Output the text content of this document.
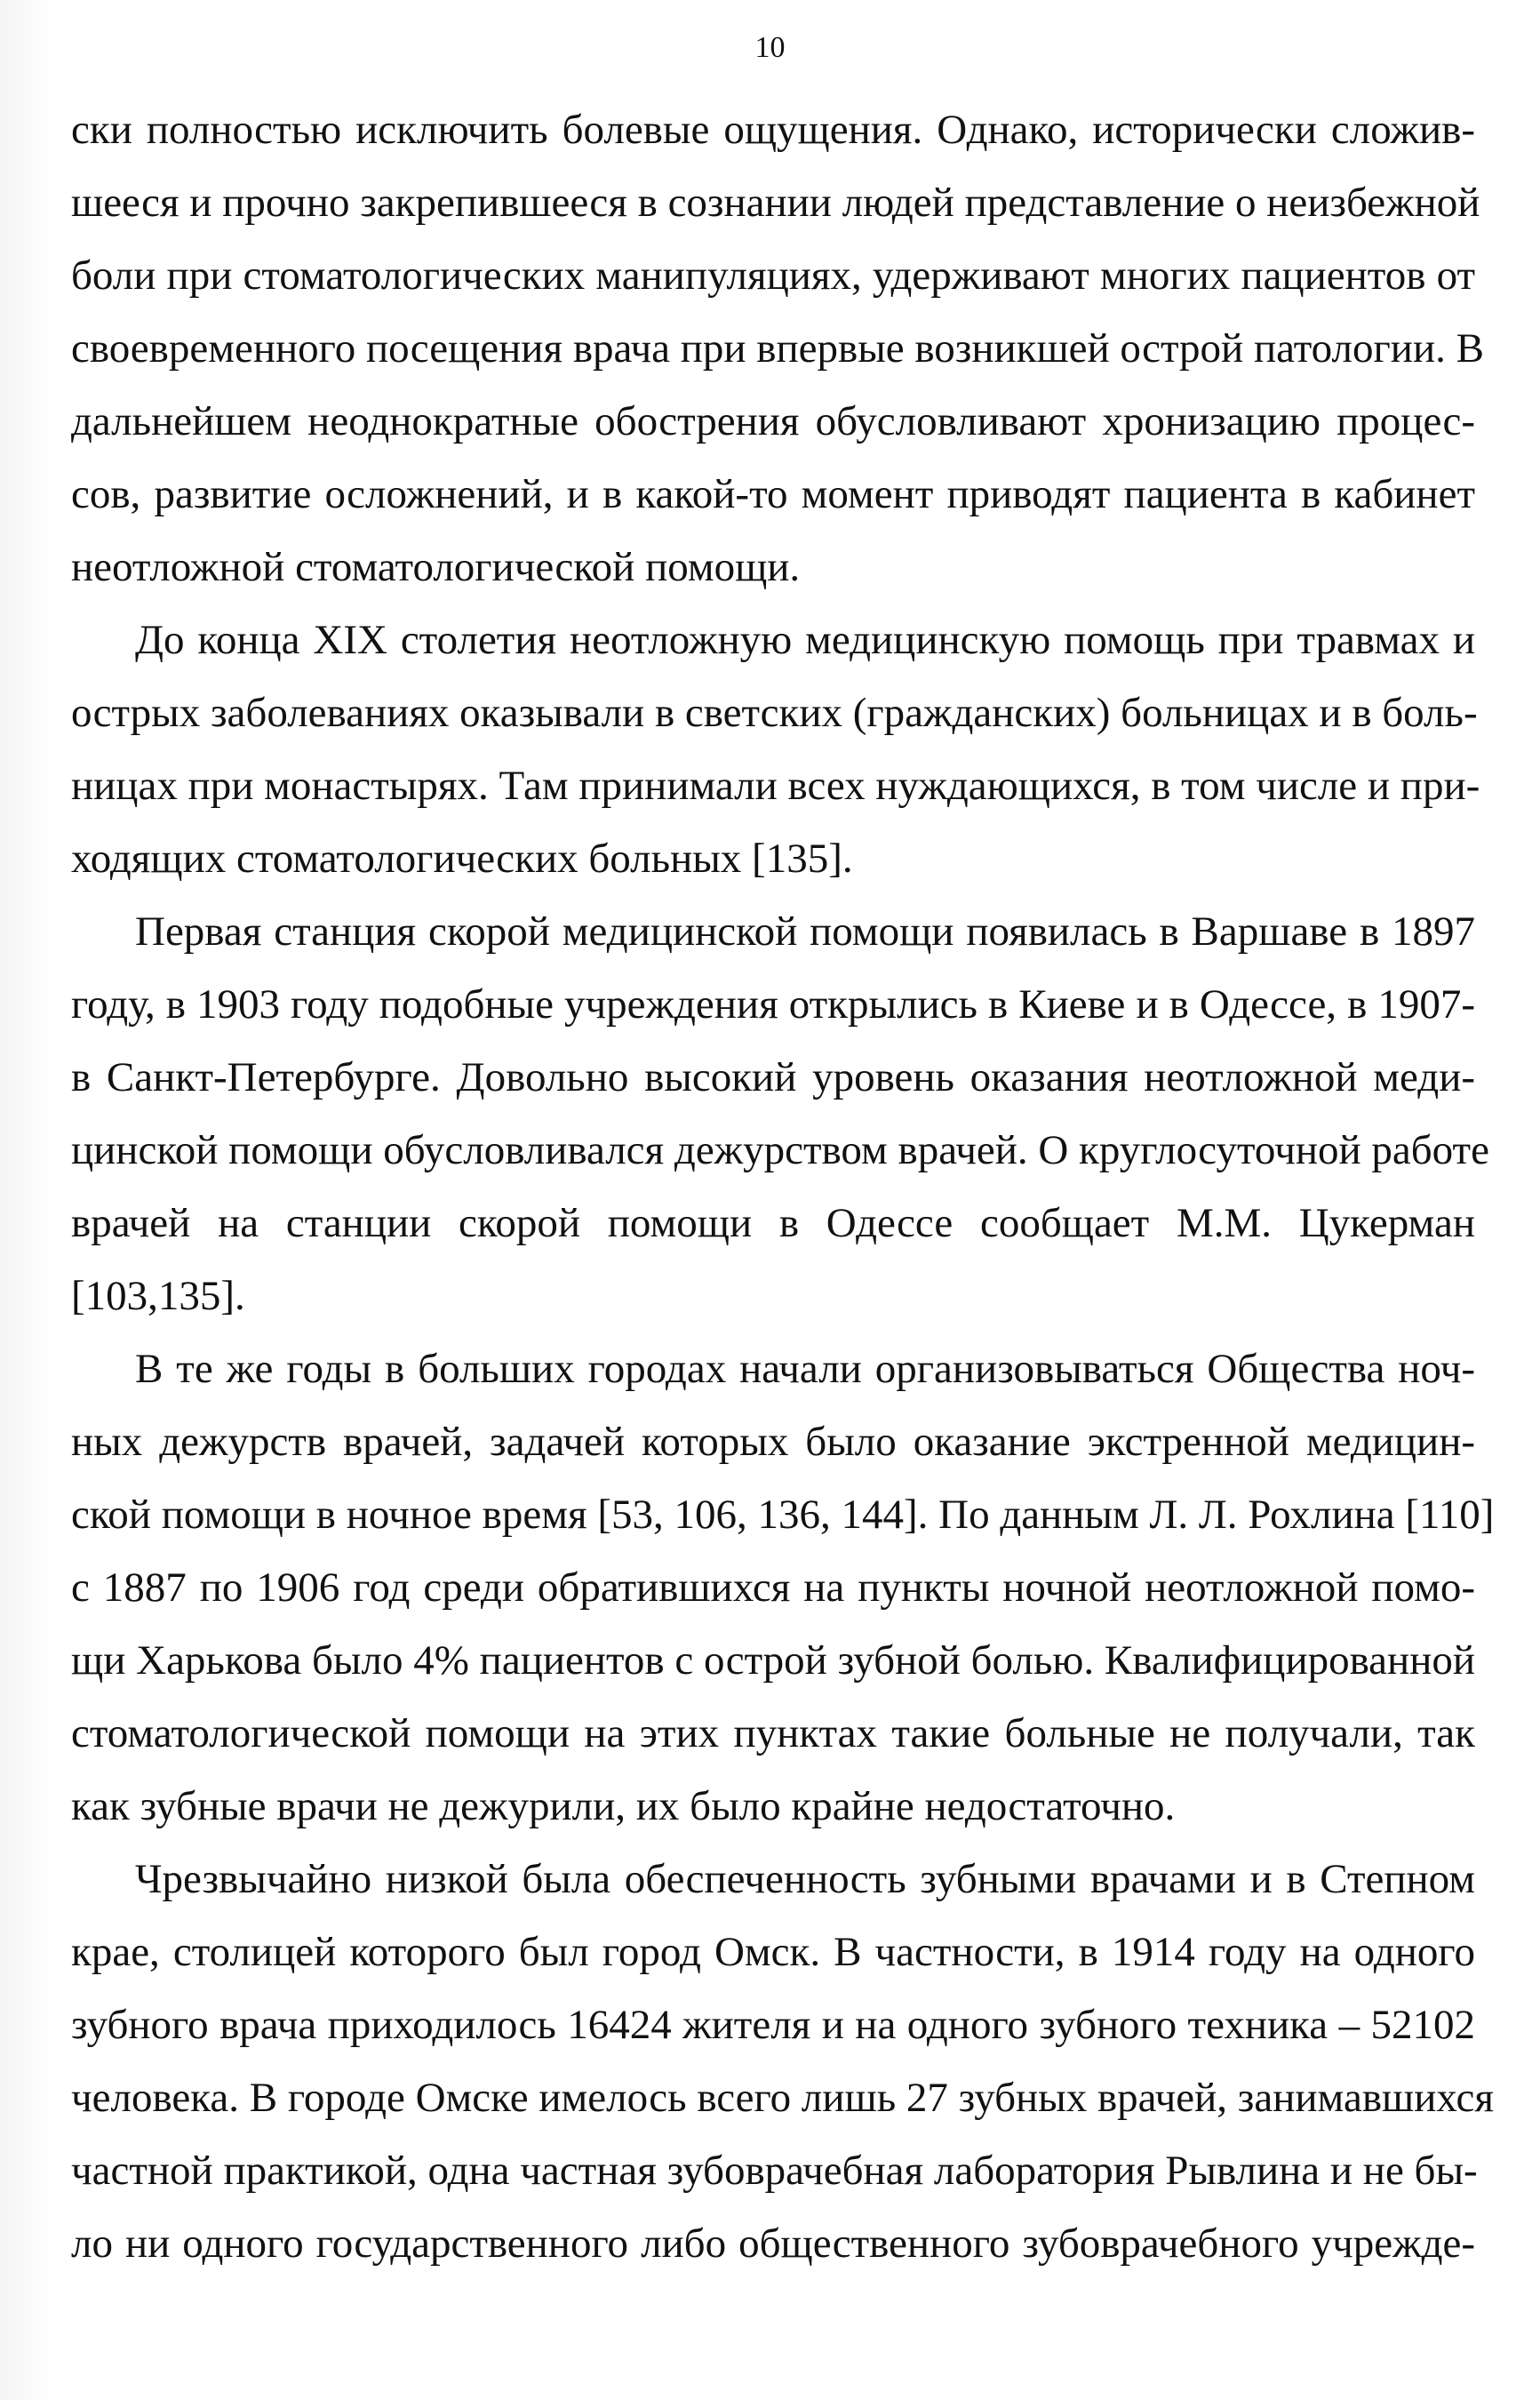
10
ски полностью исключить болевые ощущения. Однако, исторически сложив-
шееся и прочно закрепившееся в сознании людей представление о неизбежной
боли при стоматологических манипуляциях, удерживают многих пациентов от
своевременного посещения врача при впервые возникшей острой патологии. В
дальнейшем неоднократные обострения обусловливают хронизацию процес-
сов, развитие осложнений, и в какой-то момент приводят пациента в кабинет
неотложной стоматологической помощи.
До конца XIX столетия неотложную медицинскую помощь при травмах и
острых заболеваниях оказывали в светских (гражданских) больницах и в боль-
ницах при монастырях. Там принимали всех нуждающихся, в том числе и при-
ходящих стоматологических больных [135].
Первая станция скорой медицинской помощи появилась в Варшаве в 1897
году, в 1903 году подобные учреждения открылись в Киеве и в Одессе, в 1907-
в Санкт-Петербурге. Довольно высокий уровень оказания неотложной меди-
цинской помощи обусловливался дежурством врачей. О круглосуточной работе
врачей на станции скорой помощи в Одессе сообщает М.М. Цукерман
[103,135].
В те же годы в больших городах начали организовываться Общества ноч-
ных дежурств врачей, задачей которых было оказание экстренной медицин-
ской помощи в ночное время [53, 106, 136, 144]. По данным Л. Л. Рохлина [110]
с 1887 по 1906 год среди обратившихся на пункты ночной неотложной помо-
щи Харькова было 4% пациентов с острой зубной болью. Квалифицированной
стоматологической помощи на этих пунктах такие больные не получали, так
как зубные врачи не дежурили, их было крайне недостаточно.
Чрезвычайно низкой была обеспеченность зубными врачами и в Степном
крае, столицей которого был город Омск. В частности, в 1914 году на одного
зубного врача приходилось 16424 жителя и на одного зубного техника – 52102
человека. В городе Омске имелось всего лишь 27 зубных врачей, занимавшихся
частной практикой, одна частная зубоврачебная лаборатория Рывлина и не бы-
ло ни одного государственного либо общественного зубоврачебного учрежде-
